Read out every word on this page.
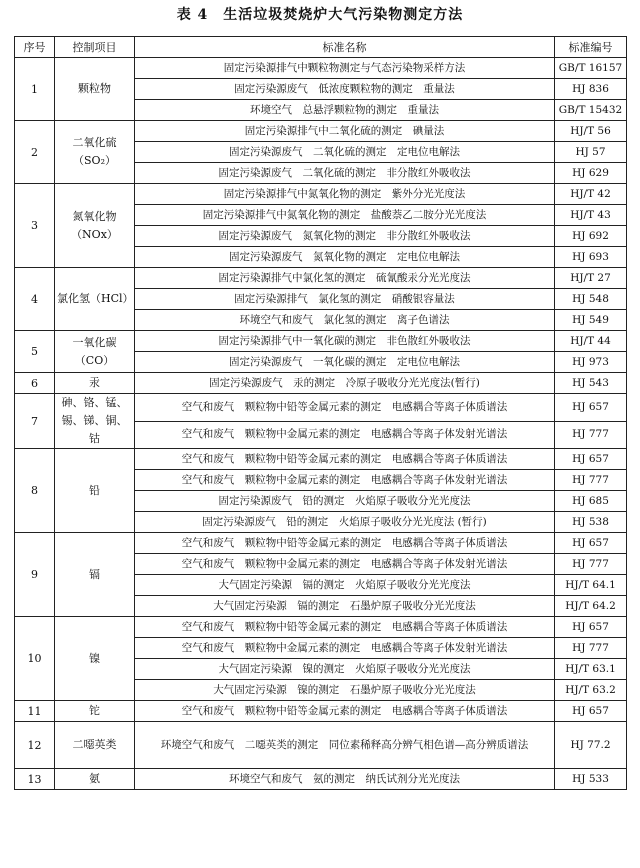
表 4　生活垃圾焚烧炉大气污染物测定方法
序号	控制项目	标准名称	标准编号
1	颗粒物	固定污染源排气中颗粒物测定与气态污染物采样方法	GB/T 16157
		固定污染源废气　低浓度颗粒物的测定　重量法	HJ 836
		环境空气　总悬浮颗粒物的测定　重量法	GB/T 15432
2	二氧化硫（SO₂）	固定污染源排气中二氧化硫的测定　碘量法	HJ/T 56
		固定污染源废气　二氧化硫的测定　定电位电解法	HJ 57
		固定污染源废气　二氧化硫的测定　非分散红外吸收法	HJ 629
3	氮氧化物（NOx）	固定污染源排气中氮氧化物的测定　紫外分光光度法	HJ/T 42
		固定污染源排气中氮氧化物的测定　盐酸萘乙二胺分光光度法	HJ/T 43
		固定污染源废气　氮氧化物的测定　非分散红外吸收法	HJ 692
		固定污染源废气　氮氧化物的测定　定电位电解法	HJ 693
4	氯化氢（HCl）	固定污染源排气中氯化氢的测定　硫氰酸汞分光光度法	HJ/T 27
		固定污染源排气　氯化氢的测定　硝酸银容量法	HJ 548
		环境空气和废气　氯化氢的测定　离子色谱法	HJ 549
5	一氧化碳（CO）	固定污染源排气中一氧化碳的测定　非色散红外吸收法	HJ/T 44
		固定污染源废气　一氧化碳的测定　定电位电解法	HJ 973
6	汞	固定污染源废气　汞的测定　冷原子吸收分光光度法(暂行)	HJ 543
7	砷、铬、锰、锡、锑、铜、钴	空气和废气　颗粒物中铅等金属元素的测定　电感耦合等离子体质谱法	HJ 657
		空气和废气　颗粒物中金属元素的测定　电感耦合等离子体发射光谱法	HJ 777
8	铅	空气和废气　颗粒物中铅等金属元素的测定　电感耦合等离子体质谱法	HJ 657
		空气和废气　颗粒物中金属元素的测定　电感耦合等离子体发射光谱法	HJ 777
		固定污染源废气　铅的测定　火焰原子吸收分光光度法	HJ 685
		固定污染源废气　铅的测定　火焰原子吸收分光光度法 (暂行)	HJ 538
9	镉	空气和废气　颗粒物中铅等金属元素的测定　电感耦合等离子体质谱法	HJ 657
		空气和废气　颗粒物中金属元素的测定　电感耦合等离子体发射光谱法	HJ 777
		大气固定污染源　镉的测定　火焰原子吸收分光光度法	HJ/T 64.1
		大气固定污染源　镉的测定　石墨炉原子吸收分光光度法	HJ/T 64.2
10	镍	空气和废气　颗粒物中铅等金属元素的测定　电感耦合等离子体质谱法	HJ 657
		空气和废气　颗粒物中金属元素的测定　电感耦合等离子体发射光谱法	HJ 777
		大气固定污染源　镍的测定　火焰原子吸收分光光度法	HJ/T 63.1
		大气固定污染源　镍的测定　石墨炉原子吸收分光光度法	HJ/T 63.2
11	铊	空气和废气　颗粒物中铅等金属元素的测定　电感耦合等离子体质谱法	HJ 657
12	二噁英类	环境空气和废气　二噁英类的测定　同位素稀释高分辨气相色谱—高分辨质谱法	HJ 77.2
13	氨	环境空气和废气　氨的测定　纳氏试剂分光光度法	HJ 533
